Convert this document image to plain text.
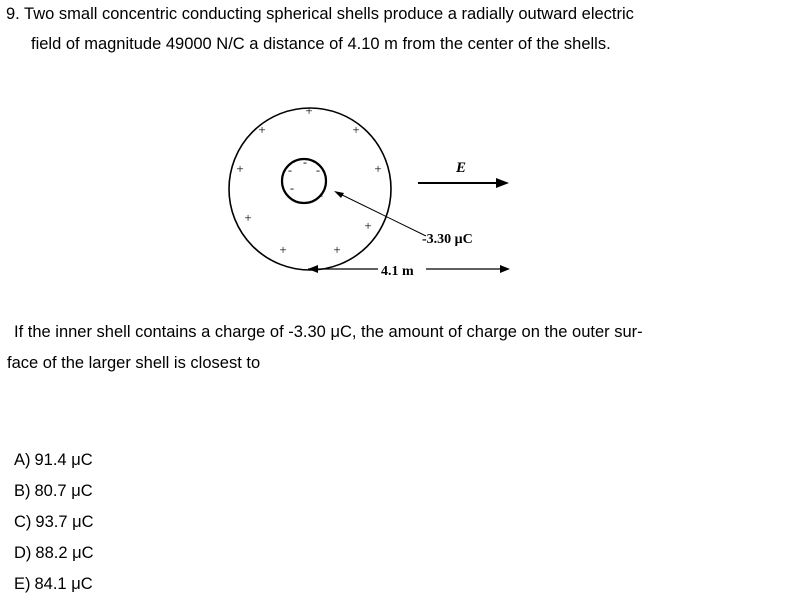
9. Two small concentric conducting spherical shells produce a radially outward electric
field of magnitude 49000 N/C a distance of 4.10 m from the center of the shells.
+
+	+
+	+
+
+
+	+
-
- -
- -
-3.30 μC
E
4.1 m
If the inner shell contains a charge of -3.30 μC, the amount of charge on the outer sur-
face of the larger shell is closest to
A) 91.4 μC
B) 80.7 μC
C) 93.7 μC
D) 88.2 μC
E) 84.1 μC
